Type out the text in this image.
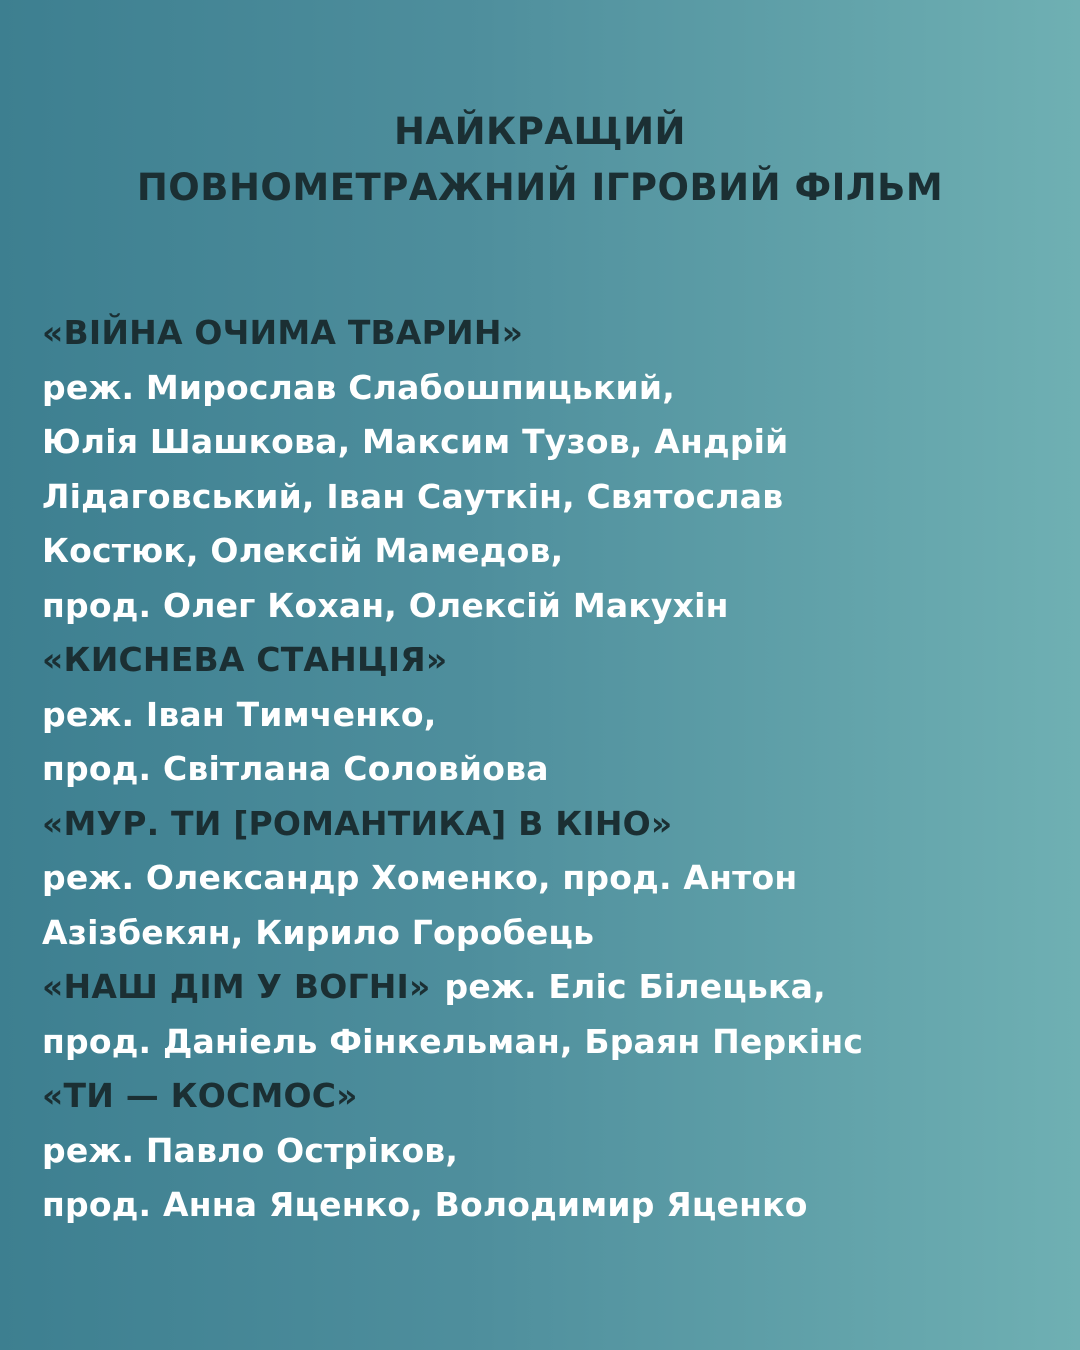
НАЙКРАЩИЙ
ПОВНОМЕТРАЖНИЙ ІГРОВИЙ ФІЛЬМ
«ВІЙНА ОЧИМА ТВАРИН»
реж. Мирослав Слабошпицький,
Юлія Шашкова, Максим Тузов, Андрій
Лідаговський, Іван Сауткін, Святослав
Костюк, Олексій Мамедов,
прод. Олег Кохан, Олексій Макухін
«КИСНЕВА СТАНЦІЯ»
реж. Іван Тимченко,
прод. Світлана Соловйова
«МУР. ТИ [РОМАНТИКА] В КІНО»
реж. Олександр Хоменко, прод. Антон
Азізбекян, Кирило Горобець
«НАШ ДІМ У ВОГНІ» реж. Еліс Білецька,
прод. Даніель Фінкельман, Браян Перкінс
«ТИ — КОСМОС»
реж. Павло Остріков,
прод. Анна Яценко, Володимир Яценко
